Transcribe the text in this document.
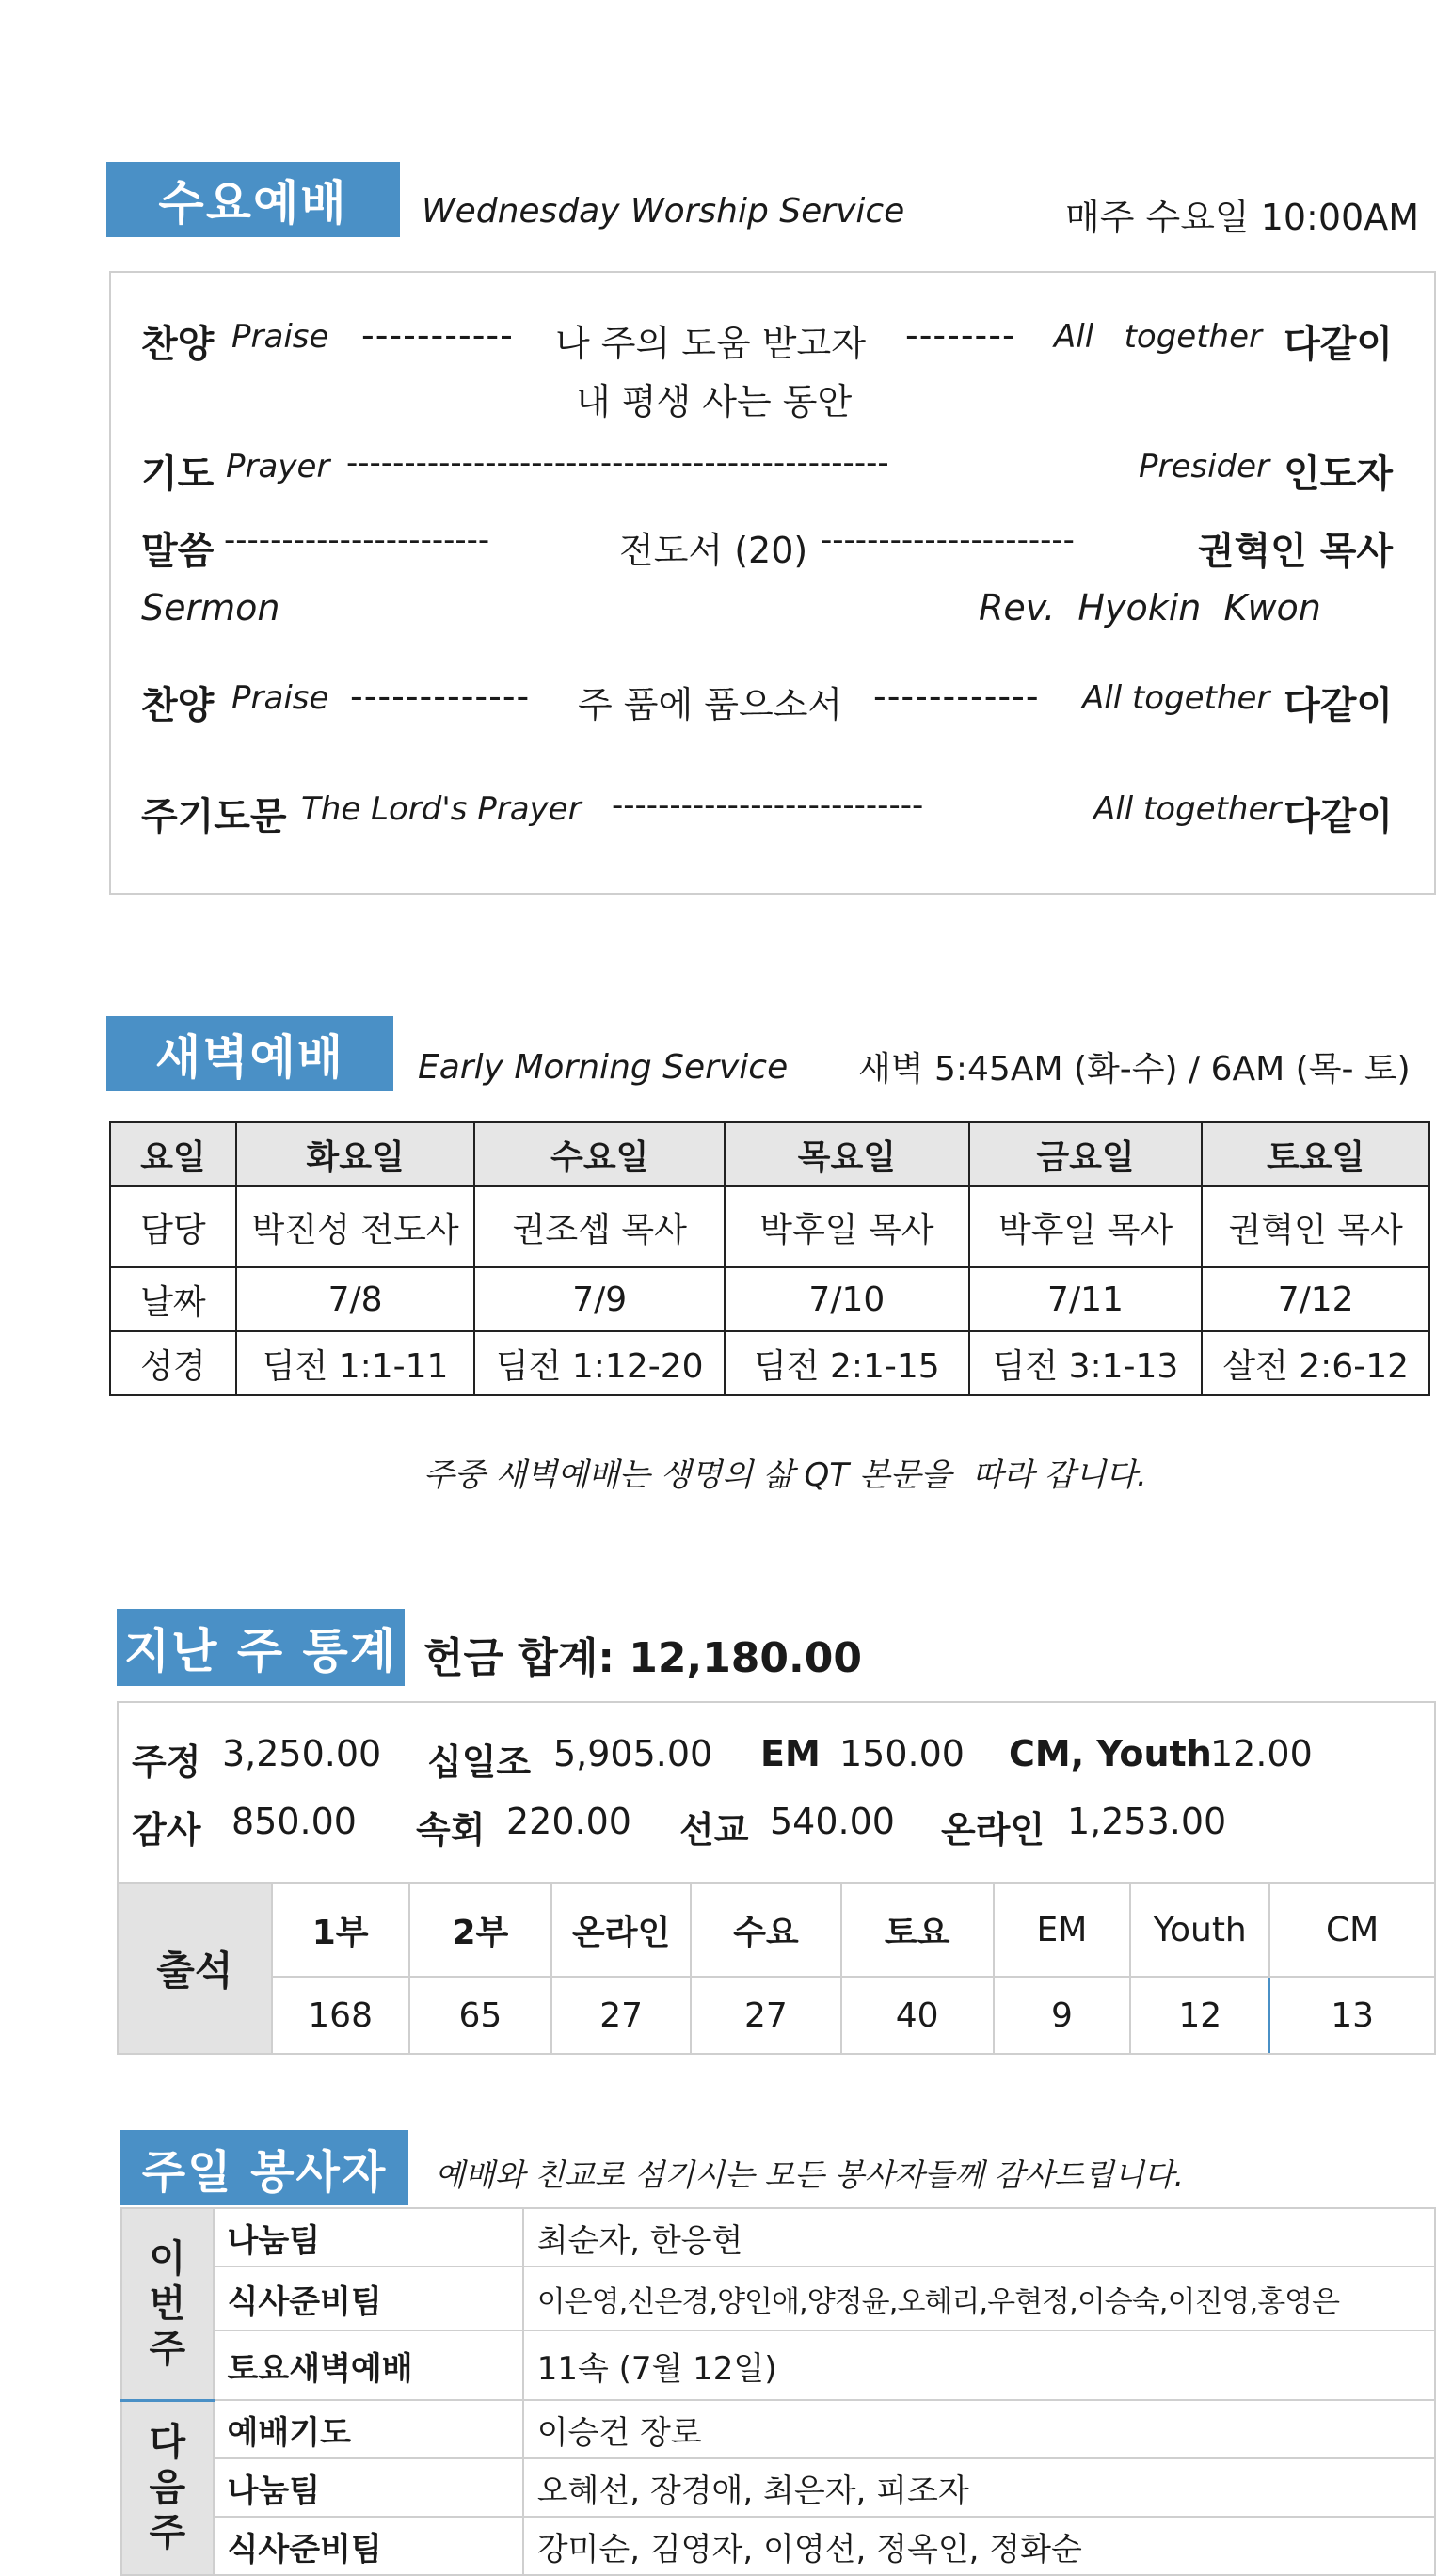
수요예배	Wednesday Worship Service	매주 수요일 10:00AM
찬양 Praise ----------- 나 주의 도움 받고자 -------- All   together 다같이
내 평생 사는 동안
기도 Prayer -----------------------------------------------	Presider 인도자
말씀 -----------------------	전도서 (20) ----------------------	권혁인 목사
Sermon	Rev.  Hyokin  Kwon
찬양 Praise ------------- 주 품에 품으소서 ------------ All together 다같이
주기도문 The Lord's Prayer ---------------------------	All together 다같이
새벽예배	Early Morning Service 새벽 5:45AM (화-수) / 6AM (목- 토)
요일	화요일	수요일	목요일	금요일	토요일
담당	박진성 전도사	권조셉 목사	박후일 목사	박후일 목사	권혁인 목사
날짜	7/8	7/9	7/10	7/11	7/12
성경	딤전 1:1-11	딤전 1:12-20	딤전 2:1-15	딤전 3:1-13	살전 2:6-12
주중 새벽예배는 생명의 삶 QT 본문을  따라 갑니다.
지난 주 통계 헌금 합계: 12,180.00
주정 3,250.00 십일조 5,905.00 EM 150.00 CM, Youth
12.00
감사 850.00 속회 220.00 선교 540.00 온라인 1,253.00
출석	1부	2부	온라인	수요	토요	EM	Youth	CM
	168	65	27	27	40	9	12	13
주일 봉사자	예배와 친교로 섬기시는 모든 봉사자들께 감사드립니다.
이
번
주	나눔팀	최순자, 한응현
	식사준비팀	이은영,신은경,양인애,양정윤,오혜리,우현정,이승숙,이진영,홍영은
	토요새벽예배	11속 (7월 12일)
다
음
주	예배기도	이승건 장로
	나눔팀	오혜선, 장경애, 최은자, 피조자
	식사준비팀	강미순, 김영자, 이영선, 정옥인, 정화순
